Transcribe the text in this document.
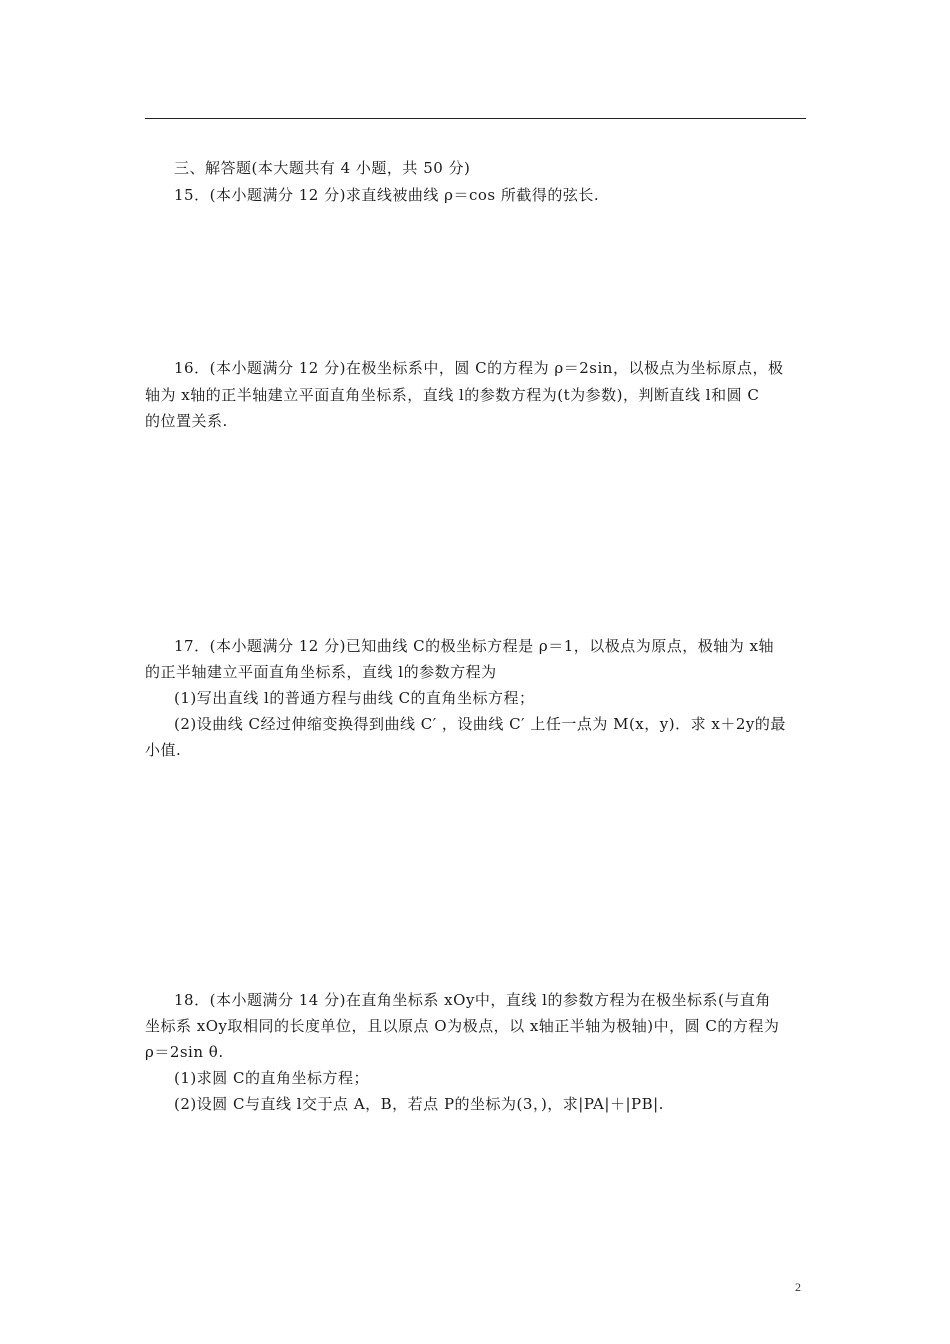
三、解答题(本大题共有 4 小题，共 50 分)
15．(本小题满分 12 分)求直线被曲线 ρ＝cos 所截得的弦长.
16．(本小题满分 12 分)在极坐标系中，圆 C的方程为 ρ＝2sin，以极点为坐标原点，极
轴为 x轴的正半轴建立平面直角坐标系，直线 l的参数方程为(t为参数)，判断直线 l和圆 C
的位置关系.
17．(本小题满分 12 分)已知曲线 C的极坐标方程是 ρ＝1，以极点为原点，极轴为 x轴
的正半轴建立平面直角坐标系，直线 l的参数方程为
(1)写出直线 l的普通方程与曲线 C的直角坐标方程；
(2)设曲线 C经过伸缩变换得到曲线 C′ ，设曲线 C′ 上任一点为 M(x，y)．求 x＋2y的最
小值.
18．(本小题满分 14 分)在直角坐标系 xOy中，直线 l的参数方程为在极坐标系(与直角
坐标系 xOy取相同的长度单位，且以原点 O为极点，以 x轴正半轴为极轴)中，圆 C的方程为
ρ＝2sin θ.
(1)求圆 C的直角坐标方程；
(2)设圆 C与直线 l交于点 A，B，若点 P的坐标为(3，)，求|PA|＋|PB|.
2
